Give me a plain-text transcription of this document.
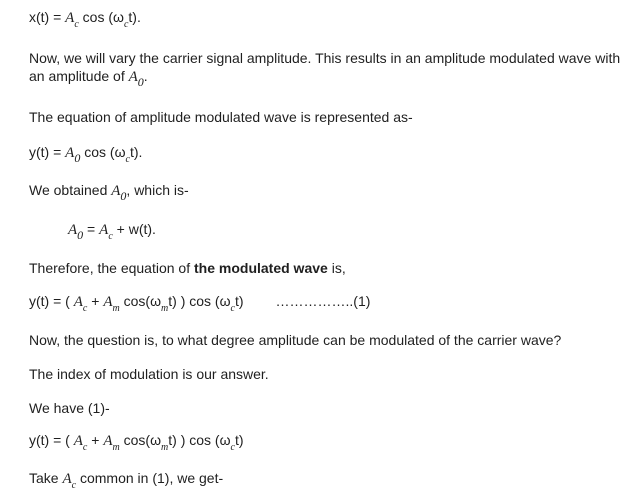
$x(t) = A_c$ $\cos (\omega_ct)$.
Now, we will vary the carrier signal amplitude. This results in an amplitude modulated wave with an amplitude of $A_0$.
The equation of amplitude modulated wave is represented as-
$y(t) = A_0$ $\cos (\omega_ct)$.
We obtained $A_0$, which is-
$A_0 = A_c + w(t)$.
Therefore, the equation of the modulated wave is,
y(t) = ( $A_c + A_m$ $\cos(\omega_mt)$ ) $\cos (\omega_ct)$ ……………..(1)
Now, the question is, to what degree amplitude can be modulated of the carrier wave?
The index of modulation is our answer.
We have (1)-
y(t) = ( $A_c + A_m$ $\cos(\omega_mt)$ ) $\cos (\omega_ct)$
Take $A_c$ common in (1), we get-
